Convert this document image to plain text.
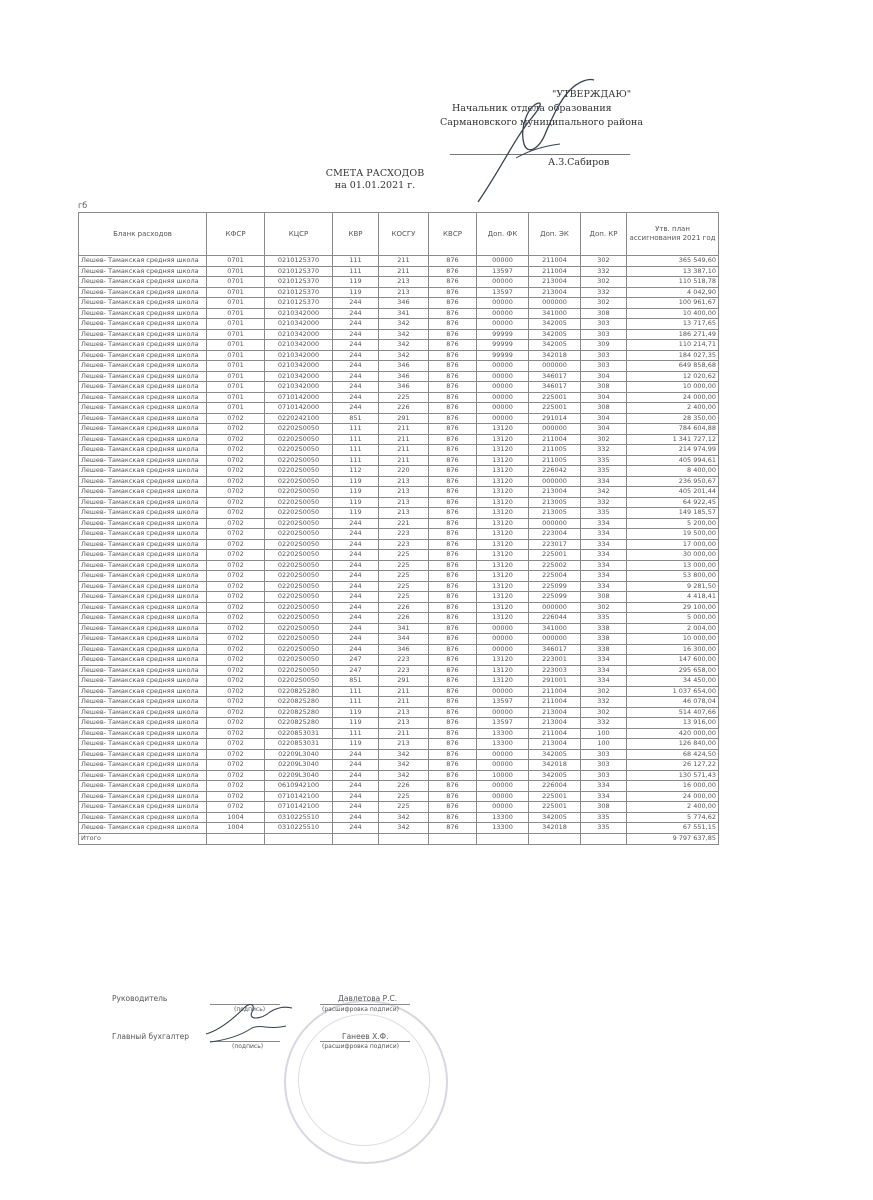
"УТВЕРЖДАЮ"
Начальник отдела образования
Сармановского муниципального района
А.З.Сабиров
СМЕТА РАСХОДОВ
на 01.01.2021 г.
гб
Бланк расходов	КФСР	КЦСР	КВР	КОСГУ	КВСР	Доп. ФК	Доп. ЭК	Доп. КР	Утв. план ассигнования 2021 год
Лешев- Тамакская средняя школа	0701	0210125370	111	211	876	00000	211004	302	365 549,60
Лешев- Тамакская средняя школа	0701	0210125370	111	211	876	13597	211004	332	13 387,10
Лешев- Тамакская средняя школа	0701	0210125370	119	213	876	00000	213004	302	110 518,78
Лешев- Тамакская средняя школа	0701	0210125370	119	213	876	13597	213004	332	4 042,90
Лешев- Тамакская средняя школа	0701	0210125370	244	346	876	00000	000000	302	100 961,67
Лешев- Тамакская средняя школа	0701	0210342000	244	341	876	00000	341000	308	10 400,00
Лешев- Тамакская средняя школа	0701	0210342000	244	342	876	00000	342005	303	13 717,65
Лешев- Тамакская средняя школа	0701	0210342000	244	342	876	99999	342005	303	186 271,49
Лешев- Тамакская средняя школа	0701	0210342000	244	342	876	99999	342005	309	110 214,71
Лешев- Тамакская средняя школа	0701	0210342000	244	342	876	99999	342018	303	184 027,35
Лешев- Тамакская средняя школа	0701	0210342000	244	346	876	00000	000000	303	649 858,68
Лешев- Тамакская средняя школа	0701	0210342000	244	346	876	00000	346017	304	12 020,62
Лешев- Тамакская средняя школа	0701	0210342000	244	346	876	00000	346017	308	10 000,00
Лешев- Тамакская средняя школа	0701	0710142000	244	225	876	00000	225001	304	24 000,00
Лешев- Тамакская средняя школа	0701	0710142000	244	226	876	00000	225001	308	2 400,00
Лешев- Тамакская средняя школа	0702	0220242100	851	291	876	00000	291014	304	28 350,00
Лешев- Тамакская средняя школа	0702	02202S0050	111	211	876	13120	000000	304	784 604,88
Лешев- Тамакская средняя школа	0702	02202S0050	111	211	876	13120	211004	302	1 341 727,12
Лешев- Тамакская средняя школа	0702	02202S0050	111	211	876	13120	211005	332	214 974,99
Лешев- Тамакская средняя школа	0702	02202S0050	111	211	876	13120	211005	335	405 994,61
Лешев- Тамакская средняя школа	0702	02202S0050	112	220	876	13120	226042	335	8 400,00
Лешев- Тамакская средняя школа	0702	02202S0050	119	213	876	13120	000000	334	236 950,67
Лешев- Тамакская средняя школа	0702	02202S0050	119	213	876	13120	213004	342	405 201,44
Лешев- Тамакская средняя школа	0702	02202S0050	119	213	876	13120	213005	332	64 922,45
Лешев- Тамакская средняя школа	0702	02202S0050	119	213	876	13120	213005	335	149 185,57
Лешев- Тамакская средняя школа	0702	02202S0050	244	221	876	13120	000000	334	5 200,00
Лешев- Тамакская средняя школа	0702	02202S0050	244	223	876	13120	223004	334	19 500,00
Лешев- Тамакская средняя школа	0702	02202S0050	244	223	876	13120	223017	334	17 000,00
Лешев- Тамакская средняя школа	0702	02202S0050	244	225	876	13120	225001	334	30 000,00
Лешев- Тамакская средняя школа	0702	02202S0050	244	225	876	13120	225002	334	13 000,00
Лешев- Тамакская средняя школа	0702	02202S0050	244	225	876	13120	225004	334	53 800,00
Лешев- Тамакская средняя школа	0702	02202S0050	244	225	876	13120	225099	334	9 281,50
Лешев- Тамакская средняя школа	0702	02202S0050	244	225	876	13120	225099	308	4 418,41
Лешев- Тамакская средняя школа	0702	02202S0050	244	226	876	13120	000000	302	29 100,00
Лешев- Тамакская средняя школа	0702	02202S0050	244	226	876	13120	226044	335	5 000,00
Лешев- Тамакская средняя школа	0702	02202S0050	244	341	876	00000	341000	338	2 004,00
Лешев- Тамакская средняя школа	0702	02202S0050	244	344	876	00000	000000	338	10 000,00
Лешев- Тамакская средняя школа	0702	02202S0050	244	346	876	00000	346017	338	16 300,00
Лешев- Тамакская средняя школа	0702	02202S0050	247	223	876	13120	223001	334	147 600,00
Лешев- Тамакская средняя школа	0702	02202S0050	247	223	876	13120	223003	334	295 658,00
Лешев- Тамакская средняя школа	0702	02202S0050	851	291	876	13120	291001	334	34 450,00
Лешев- Тамакская средняя школа	0702	0220825280	111	211	876	00000	211004	302	1 037 654,00
Лешев- Тамакская средняя школа	0702	0220825280	111	211	876	13597	211004	332	46 078,04
Лешев- Тамакская средняя школа	0702	0220825280	119	213	876	00000	213004	302	514 407,66
Лешев- Тамакская средняя школа	0702	0220825280	119	213	876	13597	213004	332	13 916,00
Лешев- Тамакская средняя школа	0702	0220853031	111	211	876	13300	211004	100	420 000,00
Лешев- Тамакская средняя школа	0702	0220853031	119	213	876	13300	213004	100	126 840,00
Лешев- Тамакская средняя школа	0702	02209L3040	244	342	876	00000	342005	303	68 424,50
Лешев- Тамакская средняя школа	0702	02209L3040	244	342	876	00000	342018	303	26 127,22
Лешев- Тамакская средняя школа	0702	02209L3040	244	342	876	10000	342005	303	130 571,43
Лешев- Тамакская средняя школа	0702	0610942100	244	226	876	00000	226004	334	16 000,00
Лешев- Тамакская средняя школа	0702	0710142100	244	225	876	00000	225001	334	24 000,00
Лешев- Тамакская средняя школа	0702	0710142100	244	225	876	00000	225001	308	2 400,00
Лешев- Тамакская средняя школа	1004	0310225510	244	342	876	13300	342005	335	5 774,62
Лешев- Тамакская средняя школа	1004	0310225510	244	342	876	13300	342018	335	67 551,15
Итого									9 797 637,85
Руководитель
(подпись)
Давлетова Р.С.
(расшифровка подписи)
Главный бухгалтер
(подпись)
Ганеев Х.Ф.
(расшифровка подписи)
